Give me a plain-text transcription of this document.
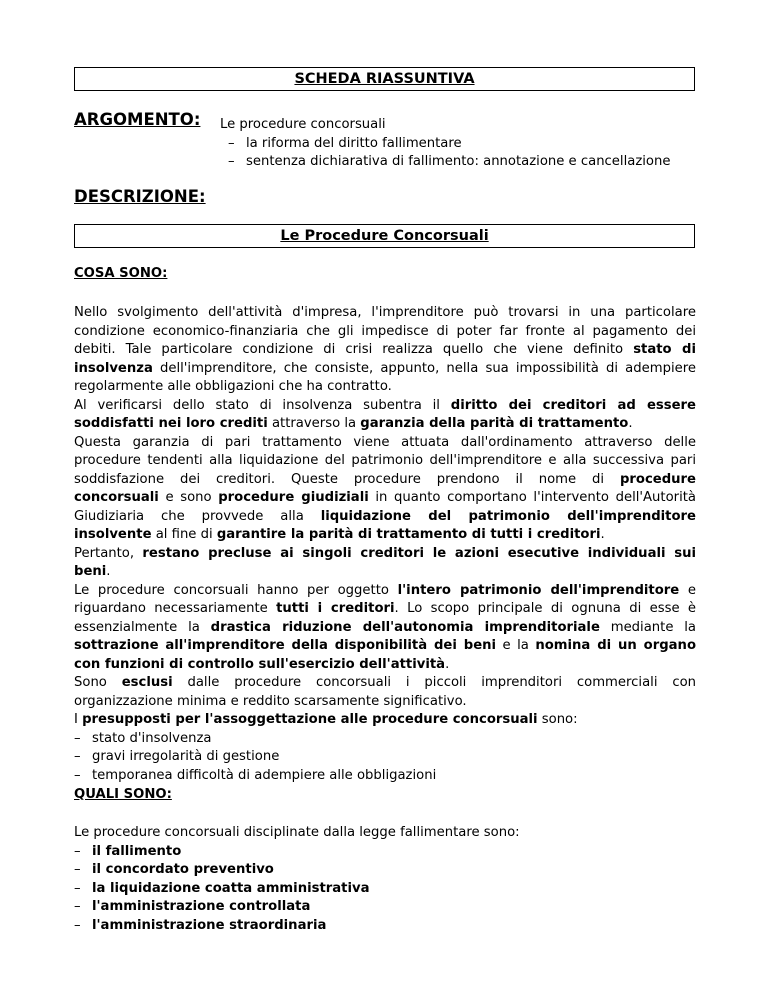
SCHEDA RIASSUNTIVA
ARGOMENTO: Le procedure concorsuali
– la riforma del diritto fallimentare
– sentenza dichiarativa di fallimento: annotazione e cancellazione
DESCRIZIONE:
Le Procedure Concorsuali
COSA SONO:
Nello svolgimento dell'attività d'impresa, l'imprenditore può trovarsi in una particolare
condizione economico-finanziaria che gli impedisce di poter far fronte al pagamento dei
debiti. Tale particolare condizione di crisi realizza quello che viene definito stato di
insolvenza dell'imprenditore, che consiste, appunto, nella sua impossibilità di adempiere
regolarmente alle obbligazioni che ha contratto.
Al verificarsi dello stato di insolvenza subentra il diritto dei creditori ad essere
soddisfatti nei loro crediti attraverso la garanzia della parità di trattamento.
Questa garanzia di pari trattamento viene attuata dall'ordinamento attraverso delle
procedure tendenti alla liquidazione del patrimonio dell'imprenditore e alla successiva pari
soddisfazione dei creditori. Queste procedure prendono il nome di procedure
concorsuali e sono procedure giudiziali in quanto comportano l'intervento dell'Autorità
Giudiziaria che provvede alla liquidazione del patrimonio dell'imprenditore
insolvente al fine di garantire la parità di trattamento di tutti i creditori.
Pertanto, restano precluse ai singoli creditori le azioni esecutive individuali sui
beni.
Le procedure concorsuali hanno per oggetto l'intero patrimonio dell'imprenditore e
riguardano necessariamente tutti i creditori. Lo scopo principale di ognuna di esse è
essenzialmente la drastica riduzione dell'autonomia imprenditoriale mediante la
sottrazione all'imprenditore della disponibilità dei beni e la nomina di un organo
con funzioni di controllo sull'esercizio dell'attività.
Sono esclusi dalle procedure concorsuali i piccoli imprenditori commerciali con
organizzazione minima e reddito scarsamente significativo.
I presupposti per l'assoggettazione alle procedure concorsuali sono:
– stato d'insolvenza
– gravi irregolarità di gestione
– temporanea difficoltà di adempiere alle obbligazioni
QUALI SONO:
Le procedure concorsuali disciplinate dalla legge fallimentare sono:
– il fallimento
– il concordato preventivo
– la liquidazione coatta amministrativa
– l'amministrazione controllata
– l'amministrazione straordinaria
